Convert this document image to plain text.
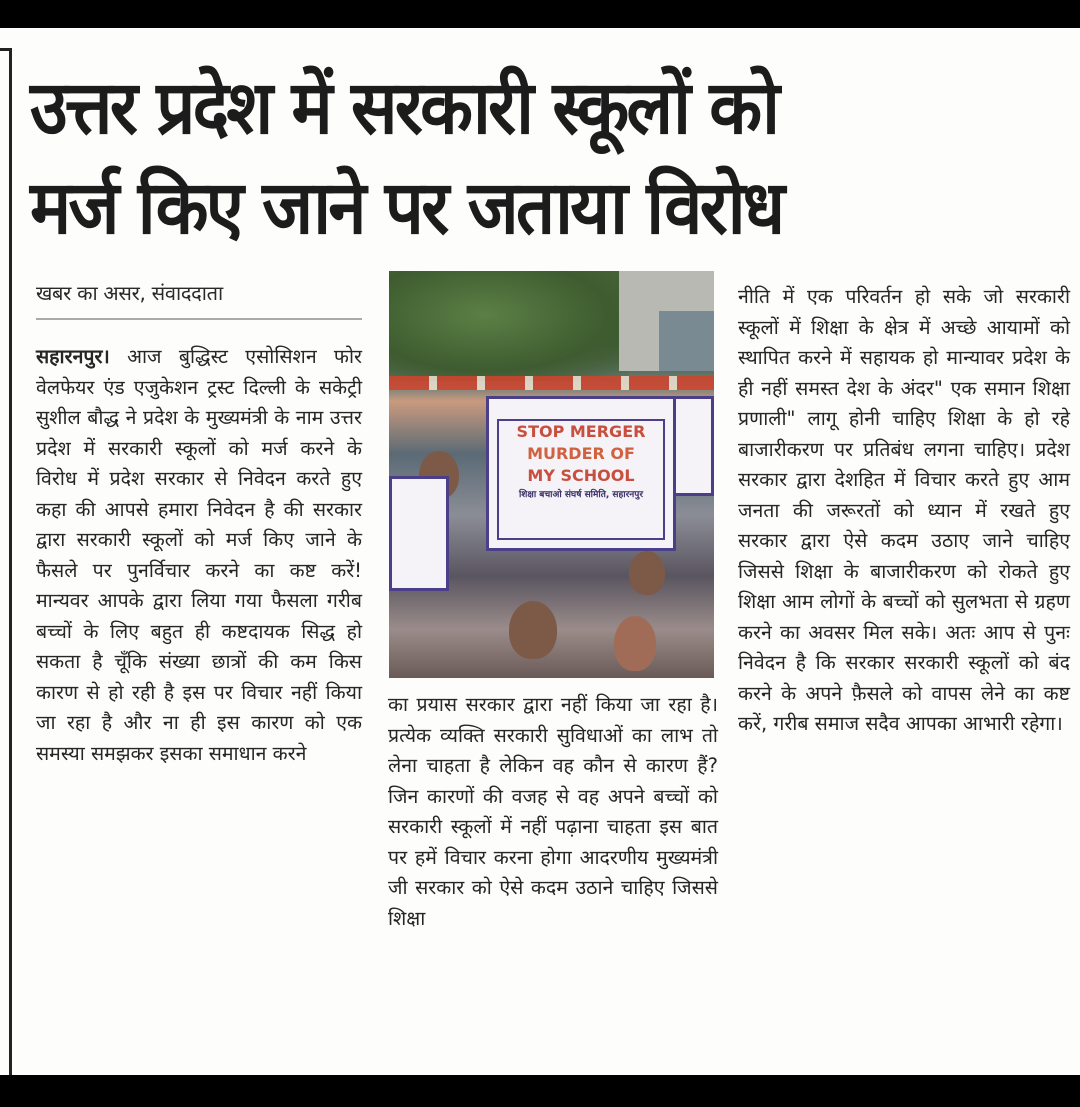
उत्तर प्रदेश में सरकारी स्कूलों को
मर्ज किए जाने पर जताया विरोध
खबर का असर, संवाददाता

सहारनपुर। आज बुद्धिस्ट एसोसिशन फोर वेलफेयर एंड एजुकेशन ट्रस्ट दिल्ली के सकेट्री सुशील बौद्ध ने प्रदेश के मुख्यमंत्री के नाम उत्तर प्रदेश में सरकारी स्कूलों को मर्ज करने के विरोध में प्रदेश सरकार से निवेदन करते हुए कहा की आपसे हमारा निवेदन है की सरकार द्वारा सरकारी स्कूलों को मर्ज किए जाने के फैसले पर पुनर्विचार करने का कष्ट करें! मान्यवर आपके द्वारा लिया गया फैसला गरीब बच्चों के लिए बहुत ही कष्टदायक सिद्ध हो सकता है चूँकि संख्या छात्रों की कम किस कारण से हो रही है इस पर विचार नहीं किया जा रहा है और ना ही इस कारण को एक समस्या समझकर इसका समाधान करने

STOP MERGER
MURDER OF
MY SCHOOL
शिक्षा बचाओ संघर्ष समिति, सहारनपुर

का प्रयास सरकार द्वारा नहीं किया जा रहा है। प्रत्येक व्यक्ति सरकारी सुविधाओं का लाभ तो लेना चाहता है लेकिन वह कौन से कारण हैं? जिन कारणों की वजह से वह अपने बच्चों को सरकारी स्कूलों में नहीं पढ़ाना चाहता इस बात पर हमें विचार करना होगा आदरणीय मुख्यमंत्री जी सरकार को ऐसे कदम उठाने चाहिए जिससे शिक्षा

नीति में एक परिवर्तन हो सके जो सरकारी स्कूलों में शिक्षा के क्षेत्र में अच्छे आयामों को स्थापित करने में सहायक हो मान्यावर प्रदेश के ही नहीं समस्त देश के अंदर" एक समान शिक्षा प्रणाली" लागू होनी चाहिए शिक्षा के हो रहे बाजारीकरण पर प्रतिबंध लगना चाहिए। प्रदेश सरकार द्वारा देशहित में विचार करते हुए आम जनता की जरूरतों को ध्यान में रखते हुए सरकार द्वारा ऐसे कदम उठाए जाने चाहिए जिससे शिक्षा के बाजारीकरण को रोकते हुए शिक्षा आम लोगों के बच्चों को सुलभता से ग्रहण करने का अवसर मिल सके। अतः आप से पुनः निवेदन है कि सरकार सरकारी स्कूलों को बंद करने के अपने फ़ैसले को वापस लेने का कष्ट करें, गरीब समाज सदैव आपका आभारी रहेगा।
